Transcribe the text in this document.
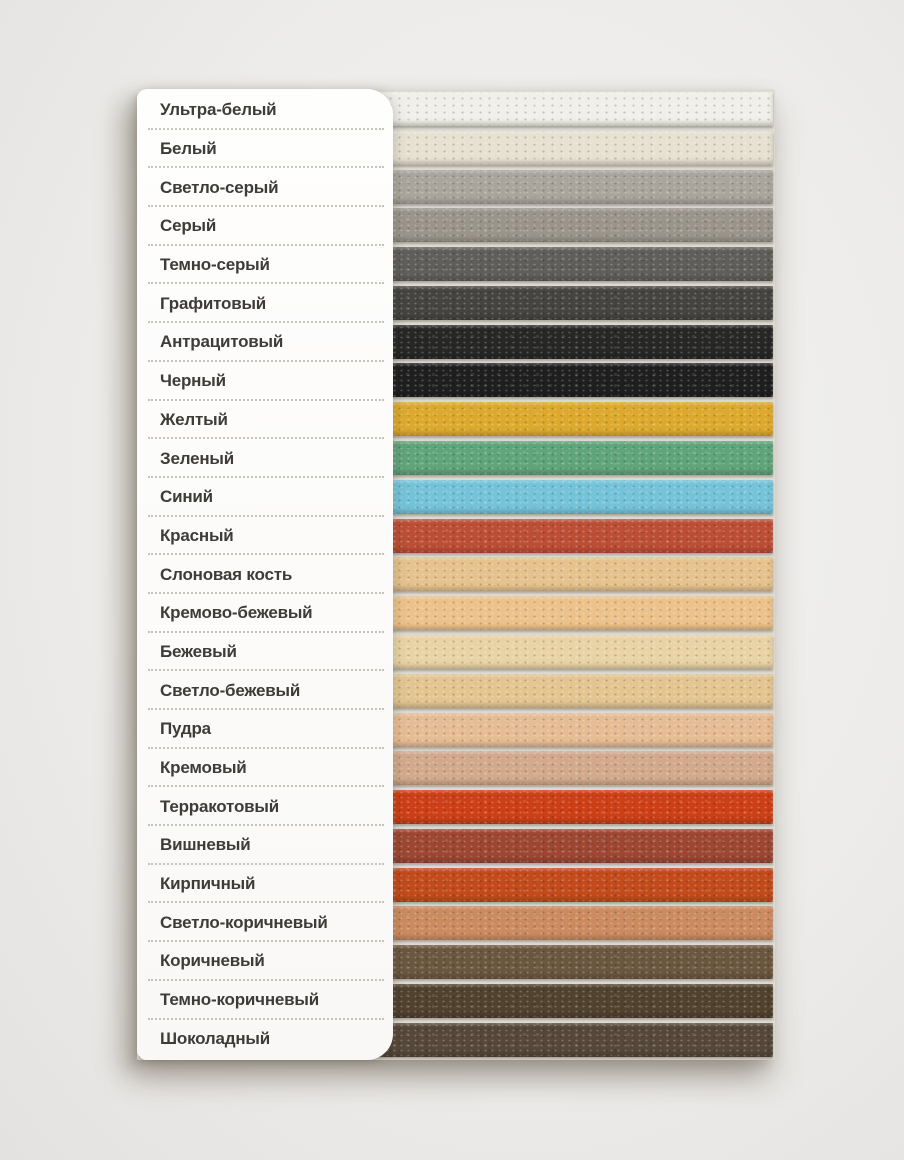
Ультра-белый
Белый
Светло-серый
Серый
Темно-серый
Графитовый
Антрацитовый
Черный
Желтый
Зеленый
Синий
Красный
Слоновая кость
Кремово-бежевый
Бежевый
Светло-бежевый
Пудра
Кремовый
Терракотовый
Вишневый
Кирпичный
Светло-коричневый
Коричневый
Темно-коричневый
Шоколадный
